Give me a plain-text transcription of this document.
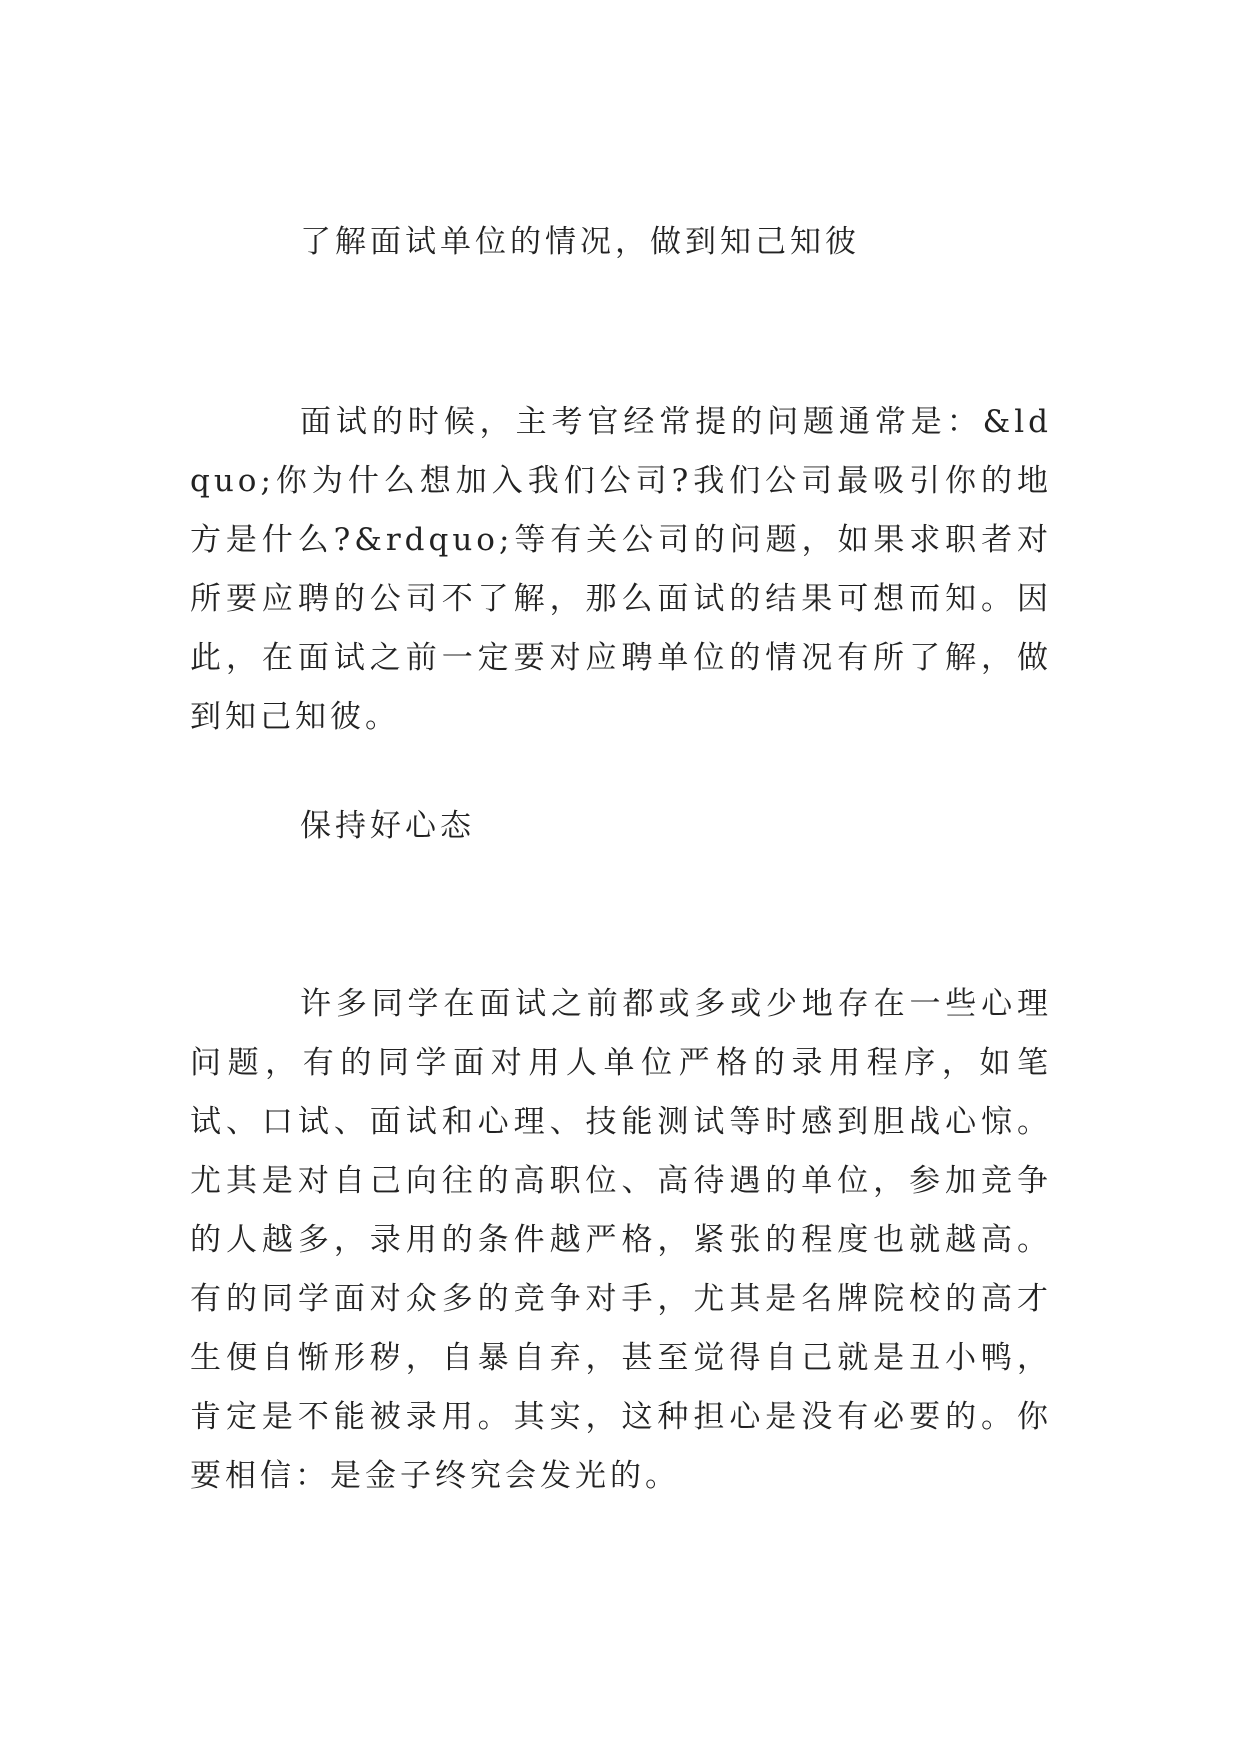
了解面试单位的情况，做到知己知彼

面试的时候，主考官经常提的问题通常是：&ldquo;你为什么想加入我们公司?我们公司最吸引你的地方是什么?&rdquo;等有关公司的问题，如果求职者对所要应聘的公司不了解，那么面试的结果可想而知。因此，在面试之前一定要对应聘单位的情况有所了解，做到知己知彼。

保持好心态

许多同学在面试之前都或多或少地存在一些心理问题，有的同学面对用人单位严格的录用程序，如笔试、口试、面试和心理、技能测试等时感到胆战心惊。尤其是对自己向往的高职位、高待遇的单位，参加竞争的人越多，录用的条件越严格，紧张的程度也就越高。有的同学面对众多的竞争对手，尤其是名牌院校的高才生便自惭形秽，自暴自弃，甚至觉得自己就是丑小鸭，肯定是不能被录用。其实，这种担心是没有必要的。你要相信：是金子终究会发光的。
